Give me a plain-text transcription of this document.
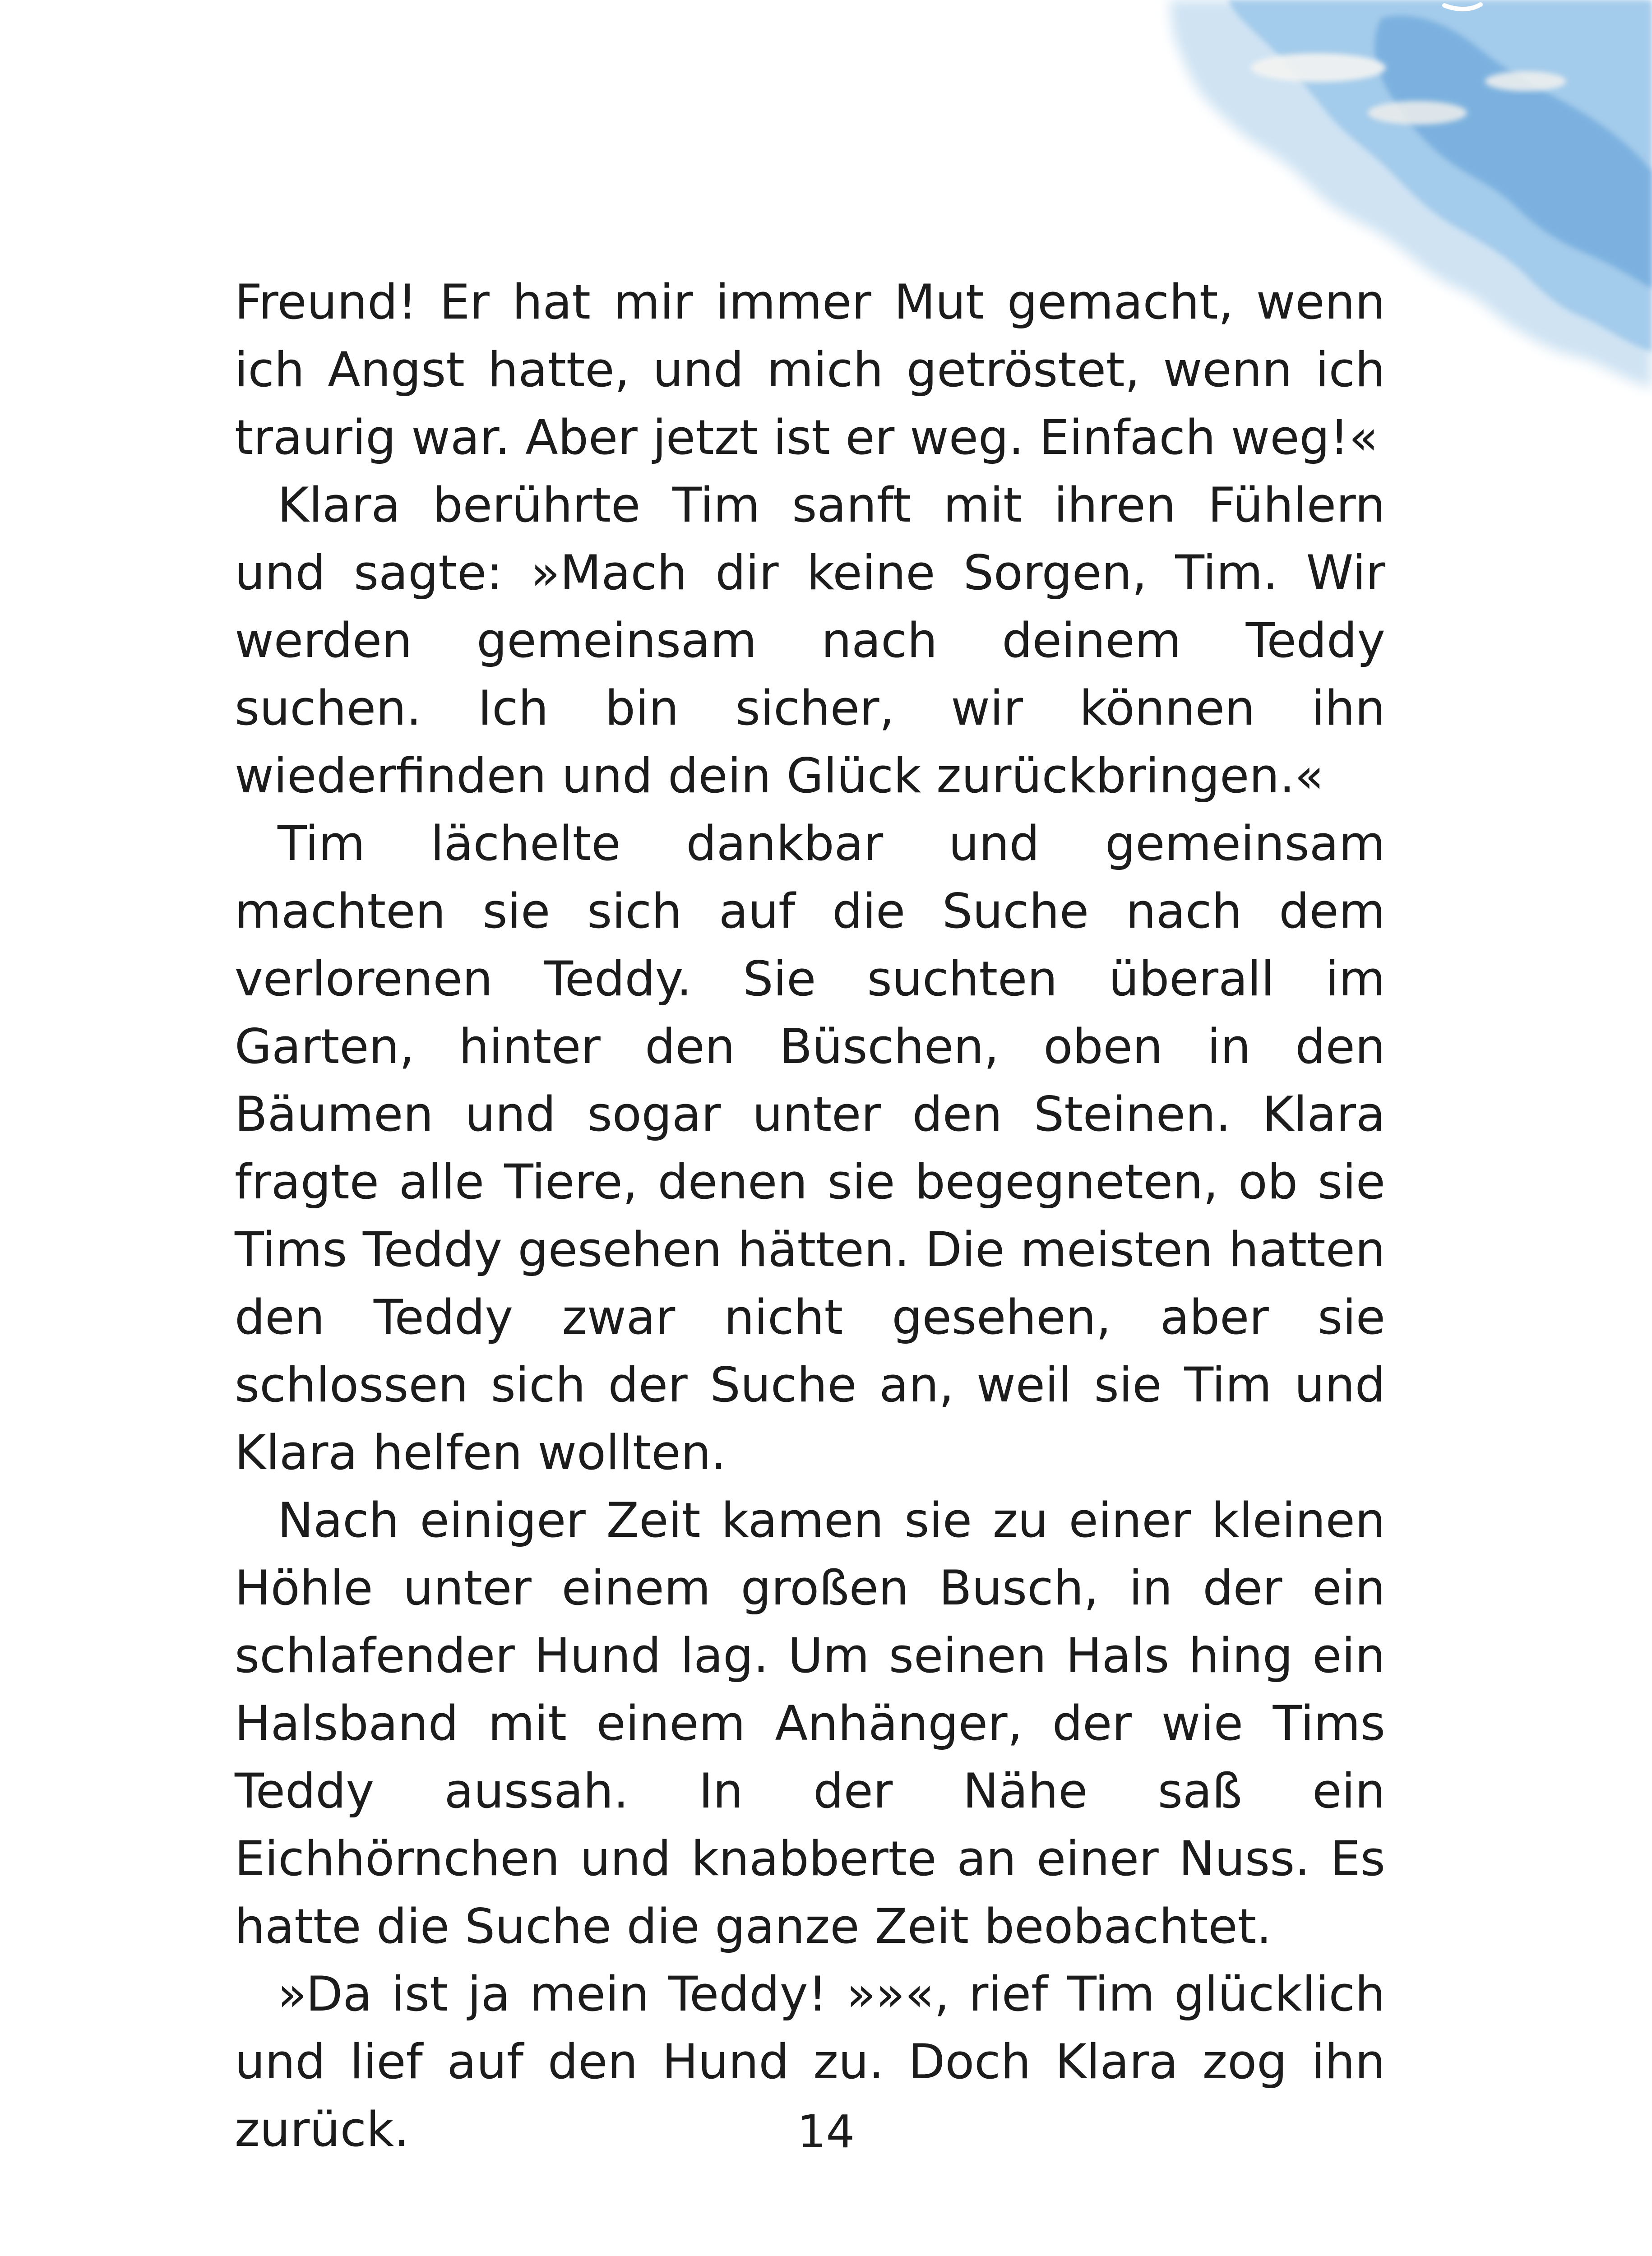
Freund! Er hat mir immer Mut gemacht, wenn ich Angst hatte, und mich getröstet, wenn ich traurig war. Aber jetzt ist er weg. Einfach weg!«

Klara berührte Tim sanft mit ihren Fühlern und sagte: »Mach dir keine Sorgen, Tim. Wir werden gemeinsam nach deinem Teddy suchen. Ich bin sicher, wir können ihn wiederfinden und dein Glück zurückbringen.«

Tim lächelte dankbar und gemeinsam machten sie sich auf die Suche nach dem verlorenen Teddy. Sie suchten überall im Garten, hinter den Büschen, oben in den Bäumen und sogar unter den Steinen. Klara fragte alle Tiere, denen sie begegneten, ob sie Tims Teddy gesehen hätten. Die meisten hatten den Teddy zwar nicht gesehen, aber sie schlossen sich der Suche an, weil sie Tim und Klara helfen wollten.

Nach einiger Zeit kamen sie zu einer kleinen Höhle unter einem großen Busch, in der ein schlafender Hund lag. Um seinen Hals hing ein Halsband mit einem Anhänger, der wie Tims Teddy aussah. In der Nähe saß ein Eichhörnchen und knabberte an einer Nuss. Es hatte die Suche die ganze Zeit beobachtet.

»Da ist ja mein Teddy! »»«, rief Tim glücklich und lief auf den Hund zu. Doch Klara zog ihn zurück.	14
